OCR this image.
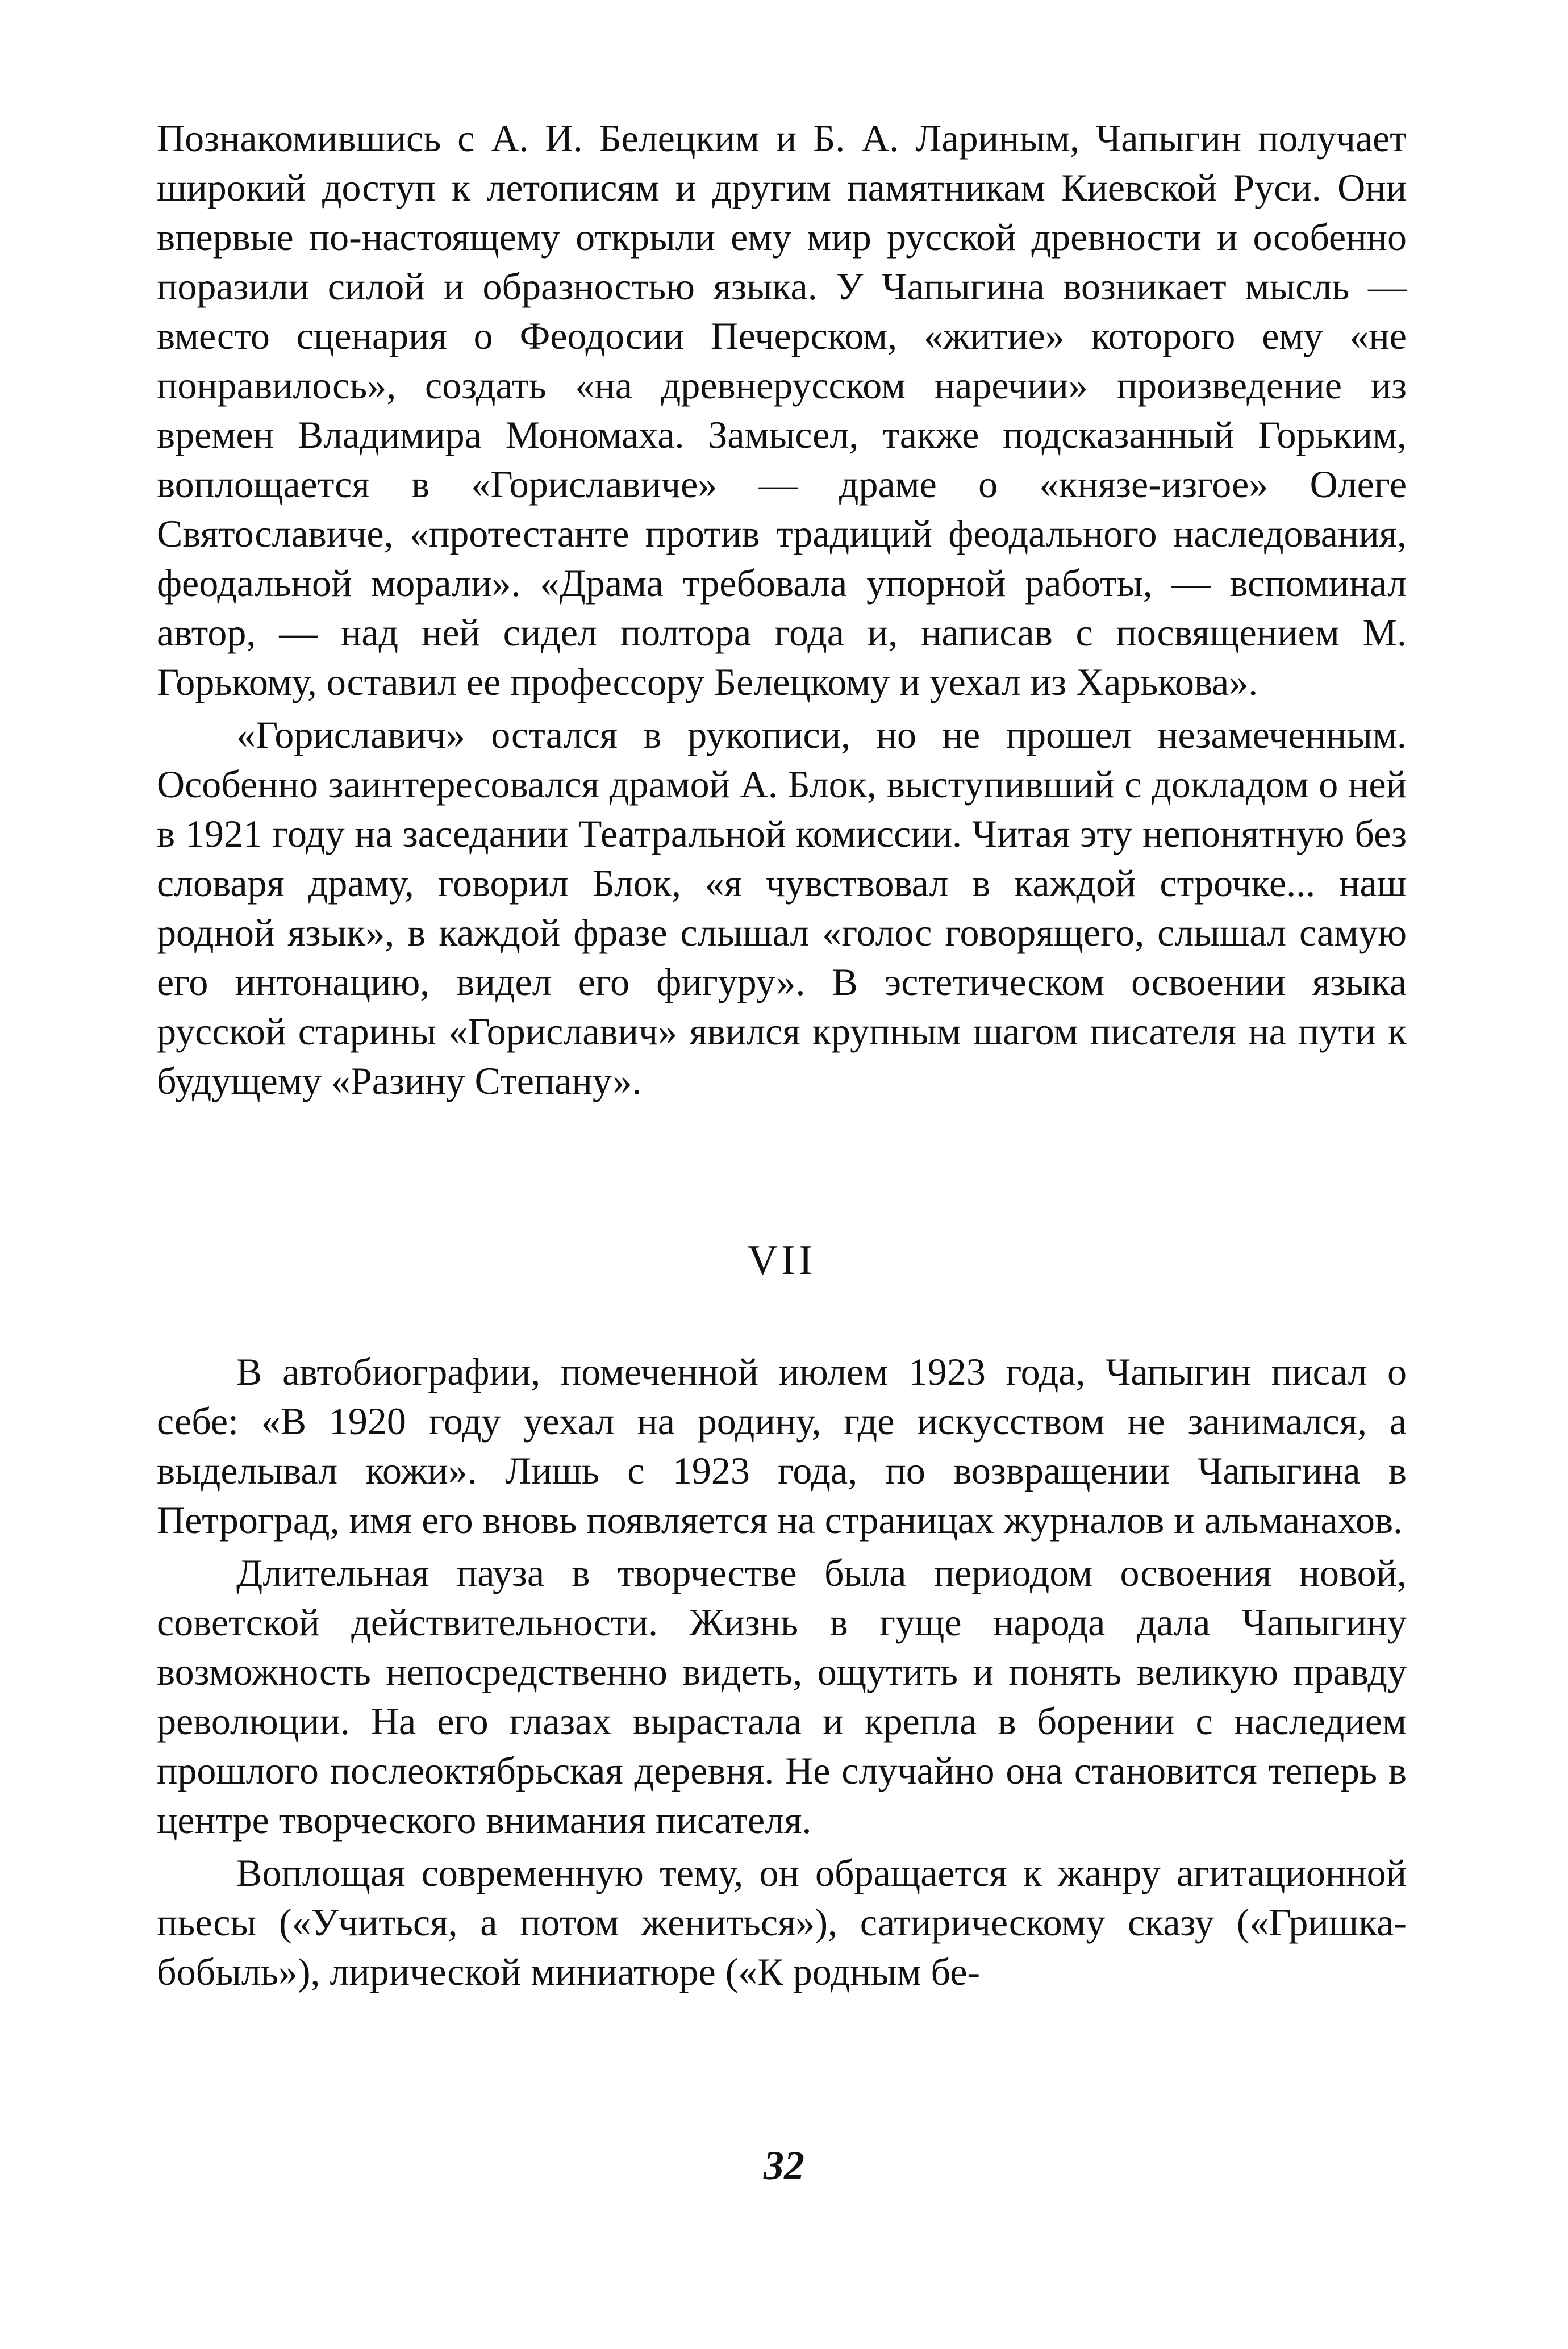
Познакомившись с А. И. Белецким и Б. А. Лариным, Чапыгин получает широкий доступ к летописям и другим памятникам Киевской Руси. Они впервые по-настоящему открыли ему мир русской древности и особенно поразили силой и образностью языка. У Чапыгина возникает мысль — вместо сценария о Феодосии Печерском, «житие» которого ему «не понравилось», создать «на древнерусском наречии» произведение из времен Владимира Мономаха. Замысел, также подсказанный Горьким, воплощается в «Гориславиче» — драме о «князе-изгое» Олеге Святославиче, «протестанте против традиций феодального наследования, феодальной морали». «Драма требовала упорной работы, — вспоминал автор, — над ней сидел полтора года и, написав с посвящением М. Горькому, оставил ее профессору Белецкому и уехал из Харькова».

«Гориславич» остался в рукописи, но не прошел незамеченным. Особенно заинтересовался драмой А. Блок, выступивший с докладом о ней в 1921 году на заседании Театральной комиссии. Читая эту непонятную без словаря драму, говорил Блок, «я чувствовал в каждой строчке... наш родной язык», в каждой фразе слышал «голос говорящего, слышал самую его интонацию, видел его фигуру». В эстетическом освоении языка русской старины «Гориславич» явился крупным шагом писателя на пути к будущему «Разину Степану».

VII

В автобиографии, помеченной июлем 1923 года, Чапыгин писал о себе: «В 1920 году уехал на родину, где искусством не занимался, а выделывал кожи». Лишь с 1923 года, по возвращении Чапыгина в Петроград, имя его вновь появляется на страницах журналов и альманахов.

Длительная пауза в творчестве была периодом освоения новой, советской действительности. Жизнь в гуще народа дала Чапыгину возможность непосредственно видеть, ощутить и понять великую правду революции. На его глазах вырастала и крепла в борении с наследием прошлого послеоктябрьская деревня. Не случайно она становится теперь в центре творческого внимания писателя.

Воплощая современную тему, он обращается к жанру агитационной пьесы («Учиться, а потом жениться»), сатирическому сказу («Гришка-бобыль»), лирической миниатюре («К родным бе-

32
